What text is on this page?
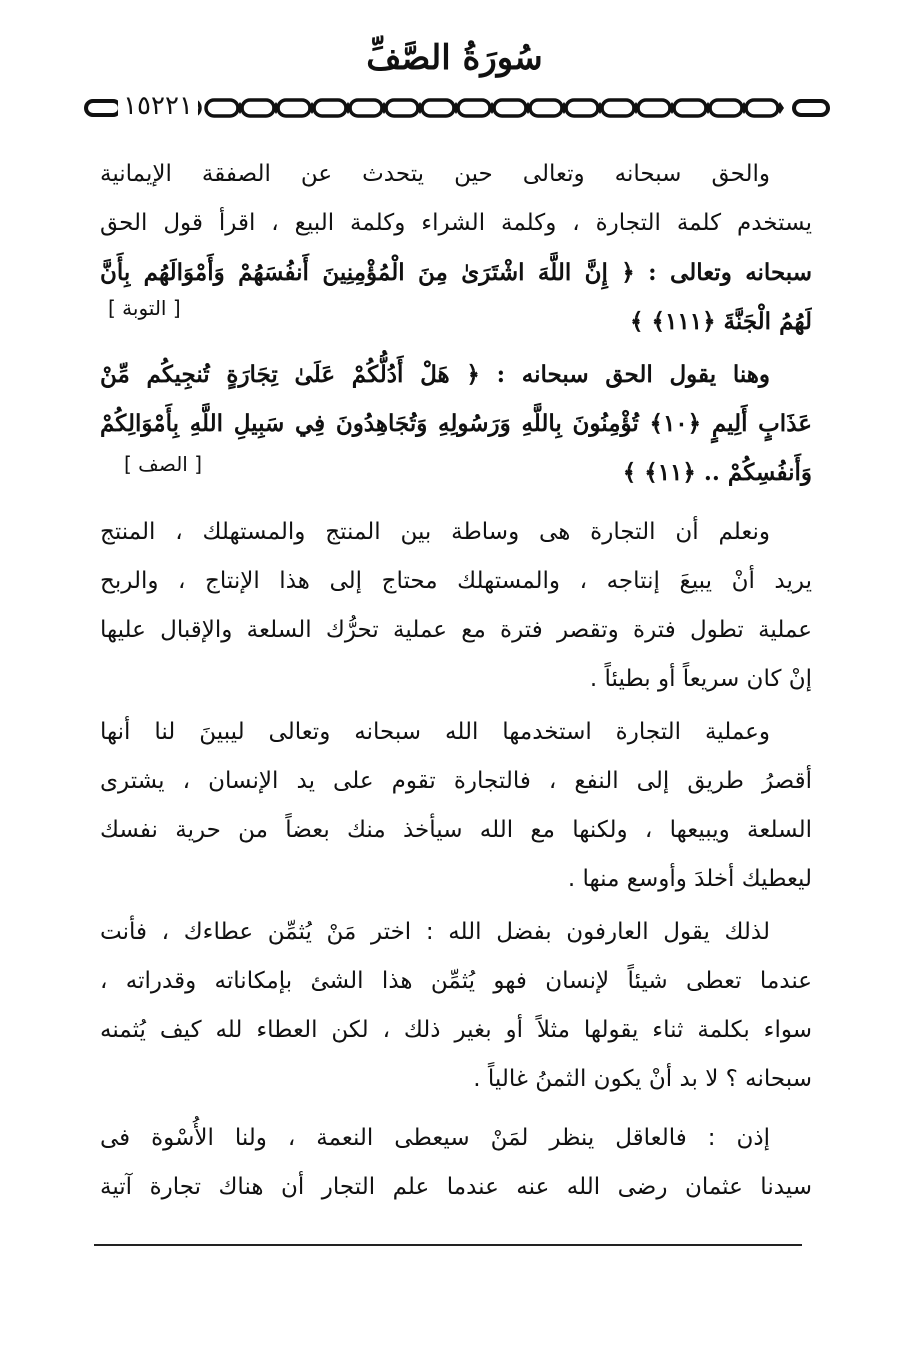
سُورَةُ الصَّفِّ
١٥٢٢١
والحق سبحانه وتعالى حين يتحدث عن الصفقة الإيمانية
يستخدم كلمة التجارة ، وكلمة الشراء وكلمة البيع ، اقرأ قول الحق
سبحانه وتعالى : ﴿ إِنَّ اللَّهَ اشْتَرَىٰ مِنَ الْمُؤْمِنِينَ أَنفُسَهُمْ وَأَمْوَالَهُم بِأَنَّ
لَهُمُ الْجَنَّةَ ﴿١١١﴾ ﴾
[ التوبة ]
وهنا يقول الحق سبحانه : ﴿ هَلْ أَدُلُّكُمْ عَلَىٰ تِجَارَةٍ تُنجِيكُم مِّنْ
عَذَابٍ أَلِيمٍ ﴿١٠﴾ تُؤْمِنُونَ بِاللَّهِ وَرَسُولِهِ وَتُجَاهِدُونَ فِي سَبِيلِ اللَّهِ بِأَمْوَالِكُمْ
وَأَنفُسِكُمْ .. ﴿١١﴾ ﴾
[ الصف ]
ونعلم أن التجارة هى وساطة بين المنتج والمستهلك ، المنتج
يريد أنْ يبيعَ إنتاجه ، والمستهلك محتاج إلى هذا الإنتاج ، والربح
عملية تطول فترة وتقصر فترة مع عملية تحرُّك السلعة والإقبال عليها
إنْ كان سريعاً أو بطيئاً .
وعملية التجارة استخدمها الله سبحانه وتعالى ليبينَ لنا أنها
أقصرُ طريق إلى النفع ، فالتجارة تقوم على يد الإنسان ، يشترى
السلعة ويبيعها ، ولكنها مع الله سيأخذ منك بعضاً من حرية نفسك
ليعطيك أخلدَ وأوسع منها .
لذلك يقول العارفون بفضل الله : اختر مَنْ يُثمِّن عطاءك ، فأنت
عندما تعطى شيئاً لإنسان فهو يُثمِّن هذا الشئ بإمكاناته وقدراته ،
سواء بكلمة ثناء يقولها مثلاً أو بغير ذلك ، لكن العطاء لله كيف يُثمنه
سبحانه ؟ لا بد أنْ يكون الثمنُ غالياً .
إذن : فالعاقل ينظر لمَنْ سيعطى النعمة ، ولنا الأُسْوة فى
سيدنا عثمان رضى الله عنه عندما علم التجار أن هناك تجارة آتية
